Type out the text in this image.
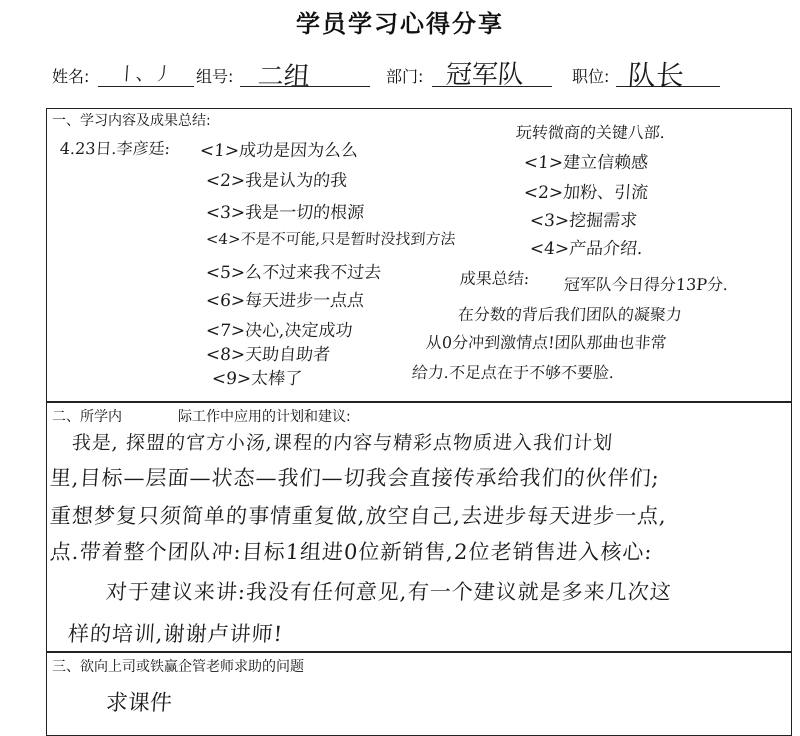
学员学习心得分享
姓名: 丨、丿 组号: 二组	部门: 冠军队	职位: 队长
一、学习内容及成果总结:
4.23日.李彦廷: <1>成功是因为么么
<2>我是认为的我
<3>我是一切的根源
<4>不是不可能,只是暂时没找到方法
<5>么不过来我不过去
<6>每天进步一点点
<7>决心,决定成功
<8>天助自助者
<9>太棒了
玩转微商的关键八部.
<1>建立信赖感
<2>加粉、引流
<3>挖掘需求
<4>产品介绍.
成果总结: 冠军队今日得分13P分.
在分数的背后我们团队的凝聚力
从0分冲到激情点!团队那曲也非常
给力.不足点在于不够不要脸.
二、所学内	际工作中应用的计划和建议:
我是, 探盟的官方小汤,课程的内容与精彩点物质进入我们计划
里,目标—层面—状态—我们—切我会直接传承给我们的伙伴们;
重想梦复只须简单的事情重复做,放空自己,去进步每天进步一点,
点.带着整个团队冲:目标1组进0位新销售,2位老销售进入核心:
对于建议来讲:我没有任何意见,有一个建议就是多来几次这
样的培训,谢谢卢讲师!
三、欲向上司或铁赢企管老师求助的问题
求课件
